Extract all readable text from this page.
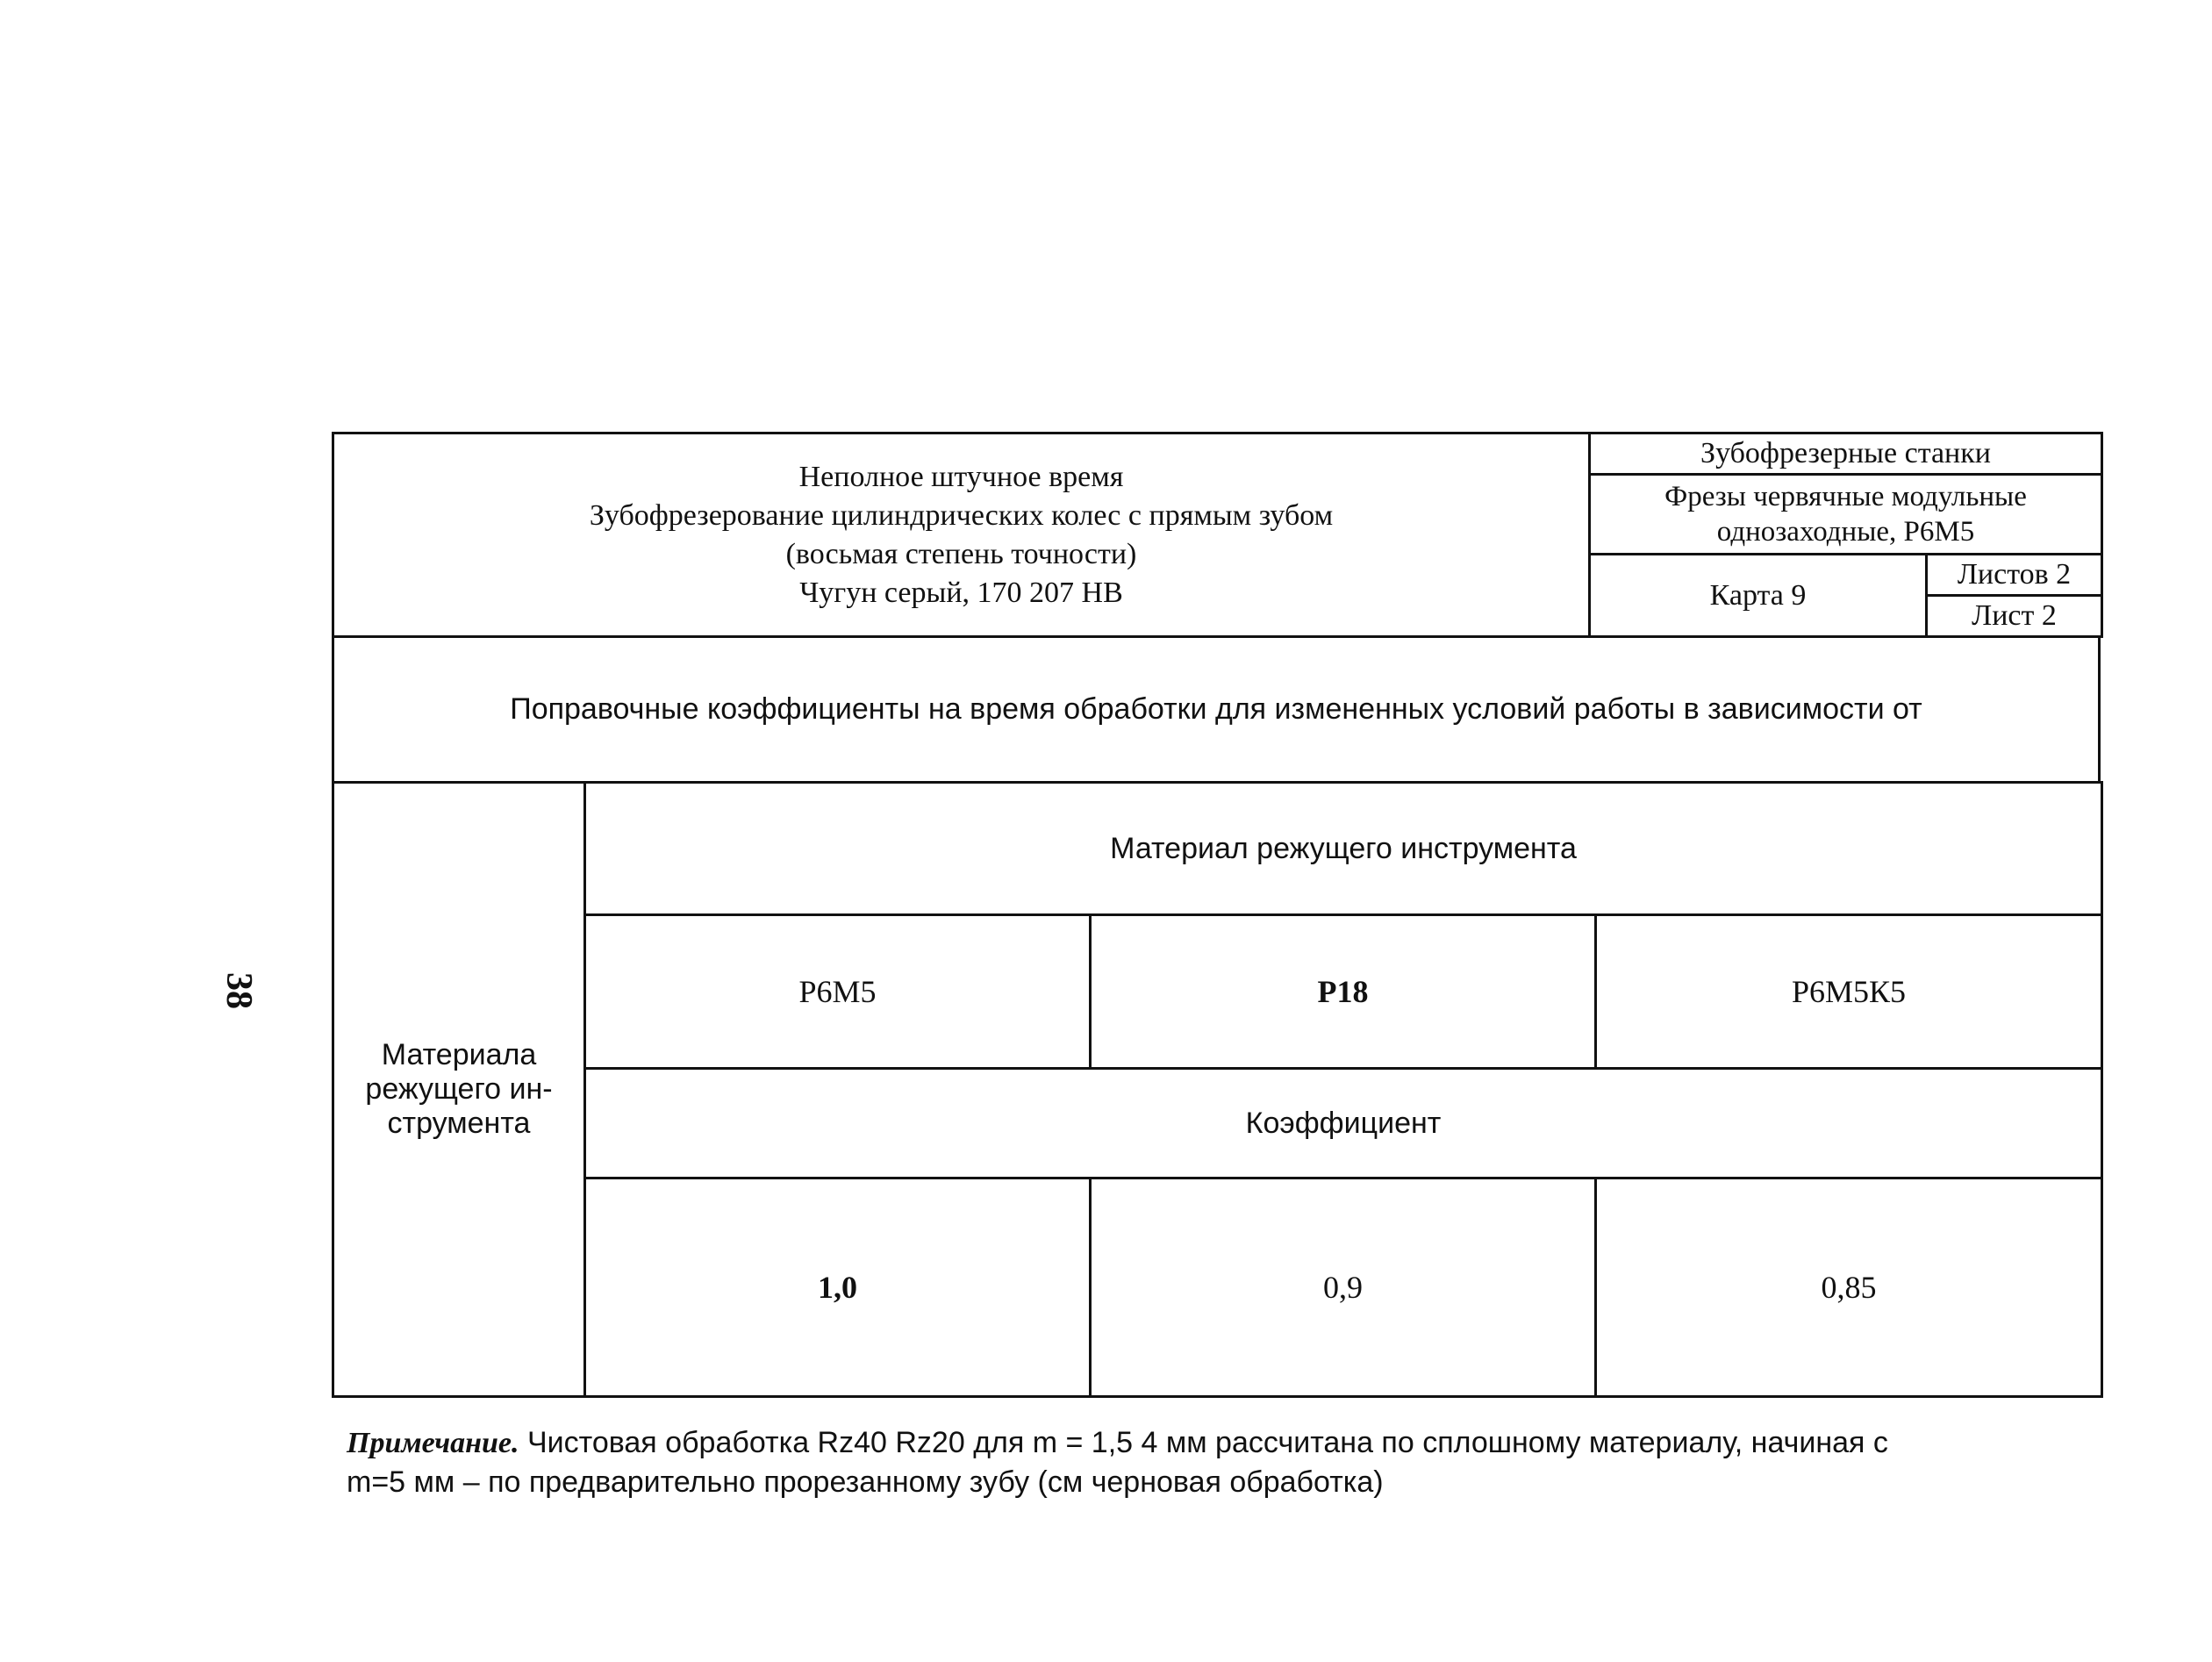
38
Неполное штучное время
Зубофрезерование цилиндрических колес с прямым зубом
(восьмая степень точности)
Чугун серый, 170 207 НВ	Зубофрезерные станки	

	Фрезы червячные модульные
однозаходные, Р6М5	

	Карта 9	Листов 2
		Лист 2
Поправочные коэффициенты на время обработки для измененных условий работы в зависимости от
Материала
режущего ин-
струмента	Материал режущего инструмента		
	Р6М5	Р18	Р6М5К5
	Коэффициент		
	1,0	0,9	0,85
Примечание. Чистовая обработка Rz40 Rz20 для m = 1,5 4 мм рассчитана по сплошному материалу, начиная с
m=5 мм – по предварительно прорезанному зубу (см черновая обработка)
